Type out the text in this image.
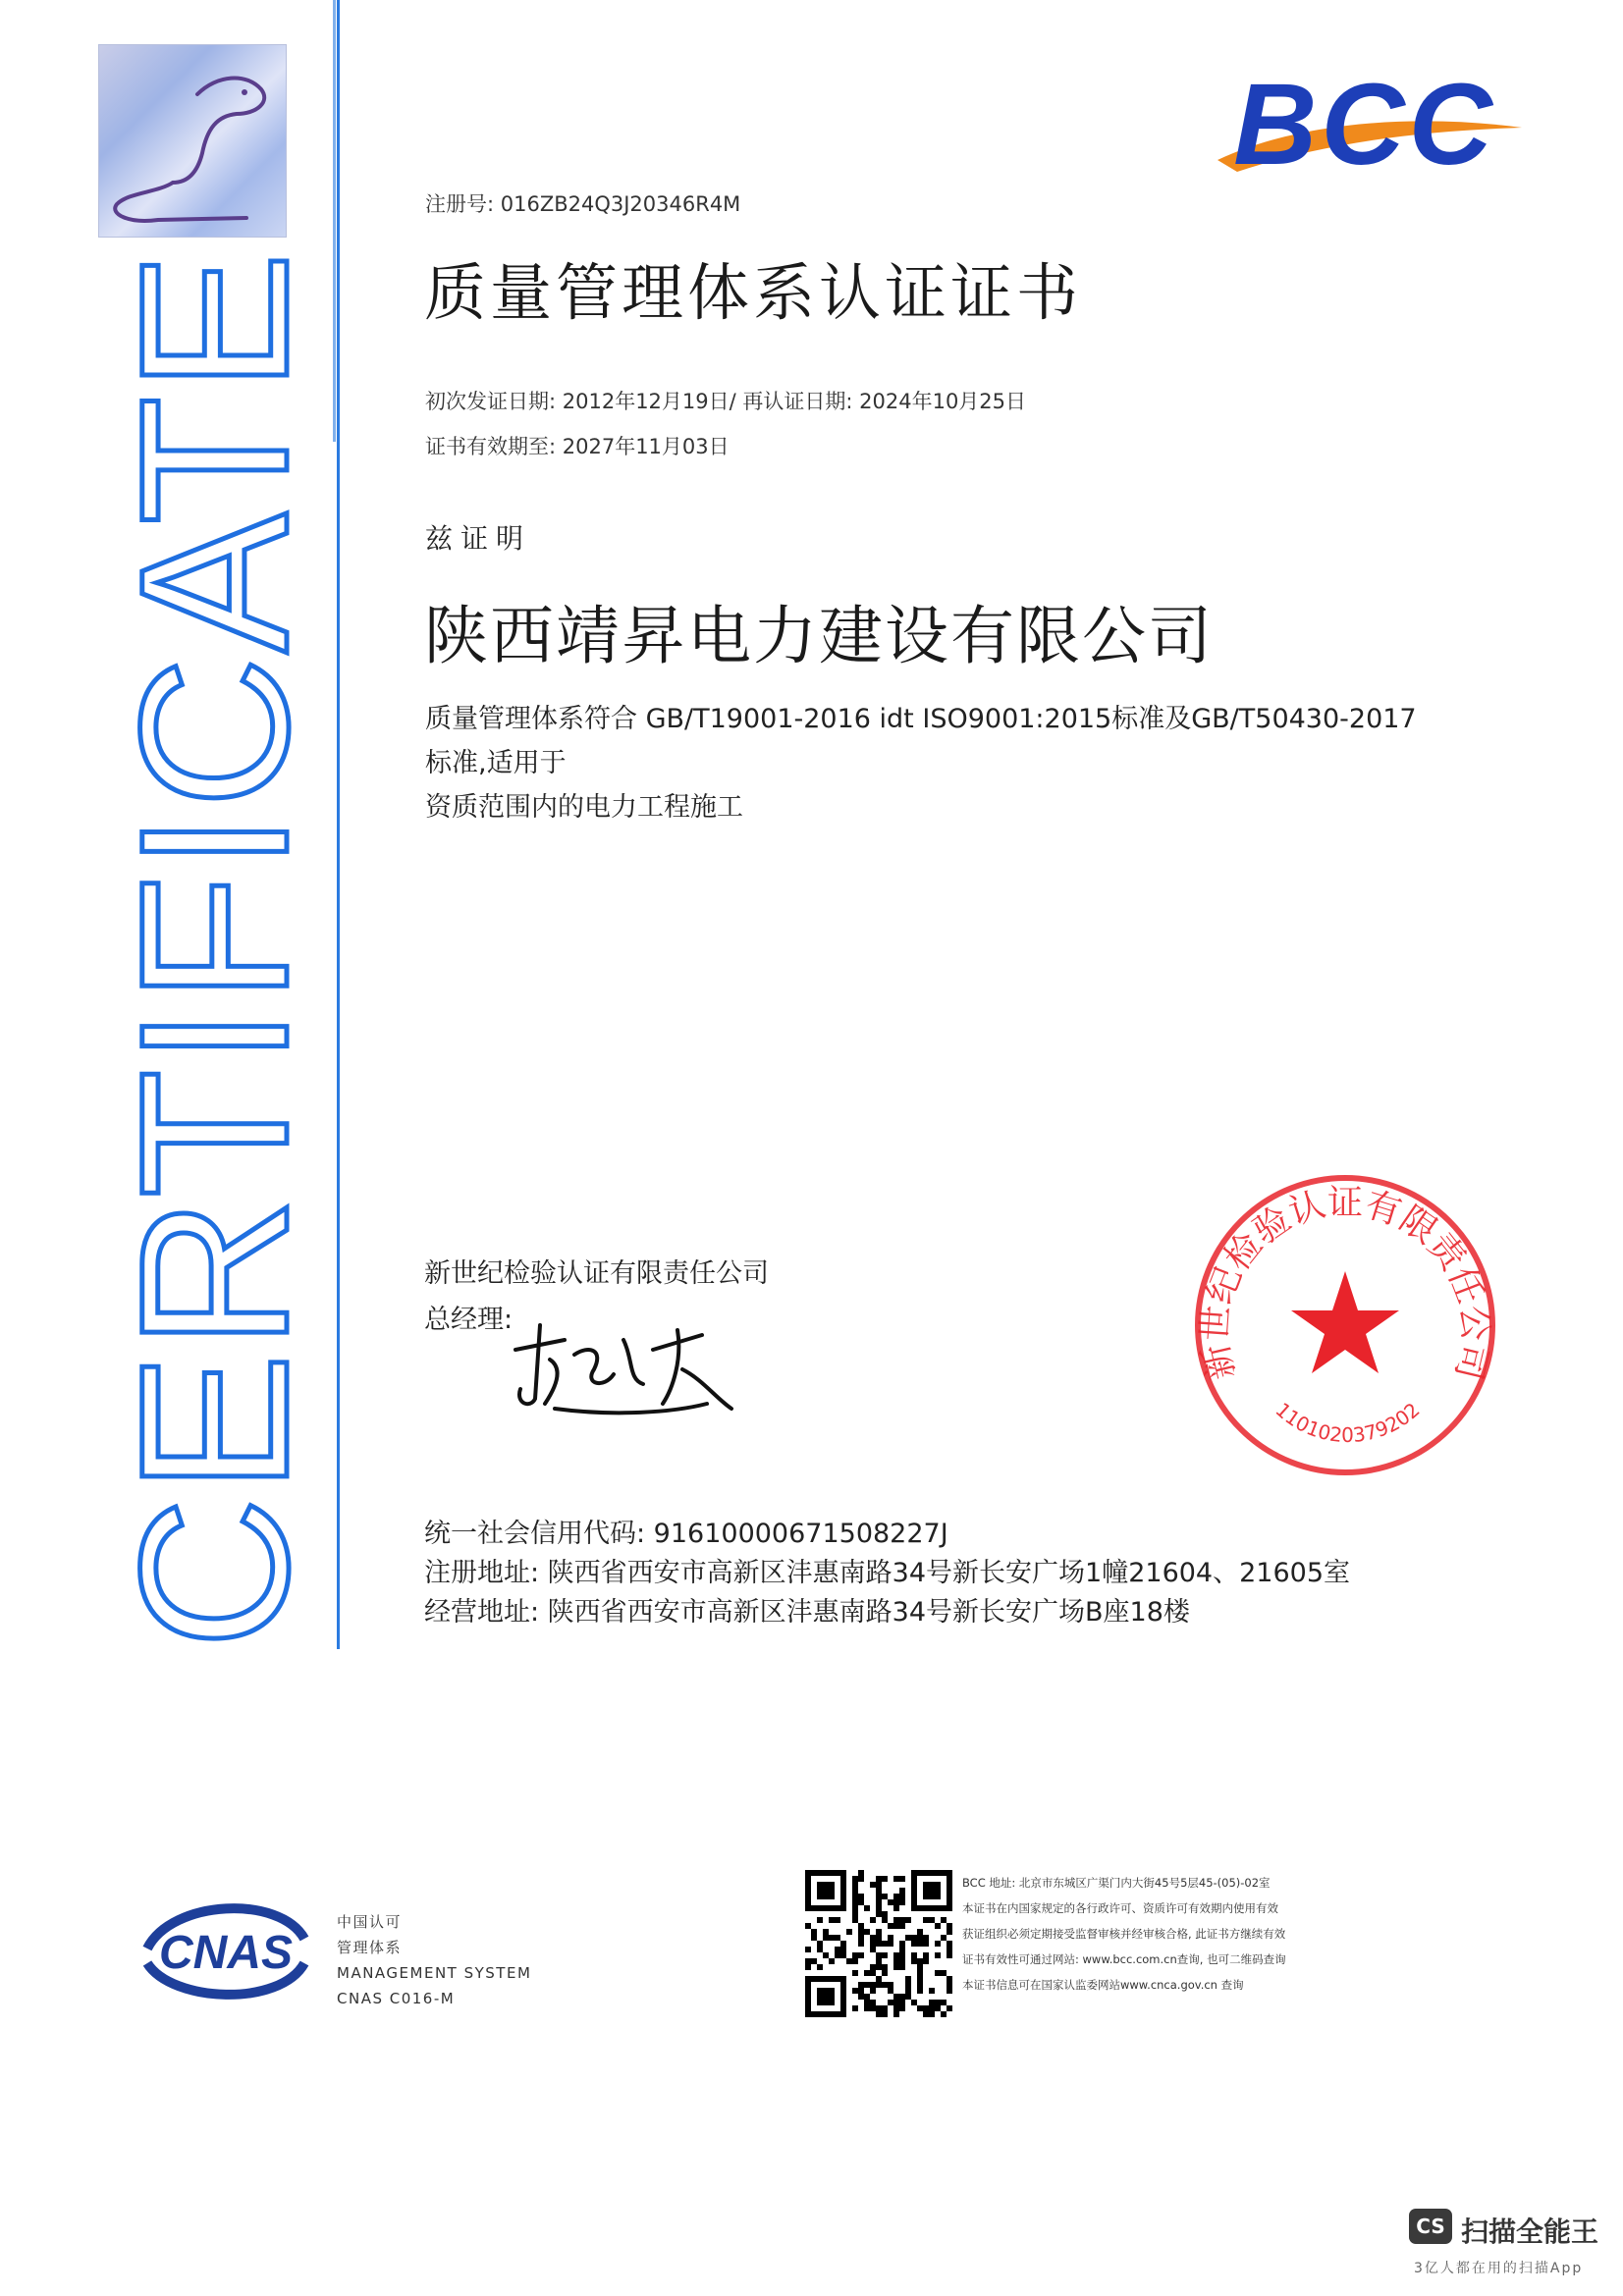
CERTIFICATE
BCC
注册号: 016ZB24Q3J20346R4M
质量管理体系认证证书
初次发证日期: 2012年12月19日/ 再认证日期: 2024年10月25日
证书有效期至: 2027年11月03日
兹证明
陕西靖昇电力建设有限公司
质量管理体系符合 GB/T19001-2016 idt ISO9001:2015标准及GB/T50430-2017
标准,适用于
资质范围内的电力工程施工
新世纪检验认证有限责任公司
总经理:
新世纪检验认证有限责任公司
1101020379202
统一社会信用代码: 91610000671508227J
注册地址: 陕西省西安市高新区沣惠南路34号新长安广场1幢21604、21605室
经营地址: 陕西省西安市高新区沣惠南路34号新长安广场B座18楼
CNAS
中国认可
管理体系
MANAGEMENT SYSTEM
CNAS C016-M
BCC 地址: 北京市东城区广渠门内大街45号5层45-(05)-02室
本证书在内国家规定的各行政许可、资质许可有效期内使用有效
获证组织必须定期接受监督审核并经审核合格, 此证书方继续有效
证书有效性可通过网站: www.bcc.com.cn查询, 也可二维码查询
本证书信息可在国家认监委网站www.cnca.gov.cn 查询
CS 扫描全能王
3亿人都在用的扫描App
